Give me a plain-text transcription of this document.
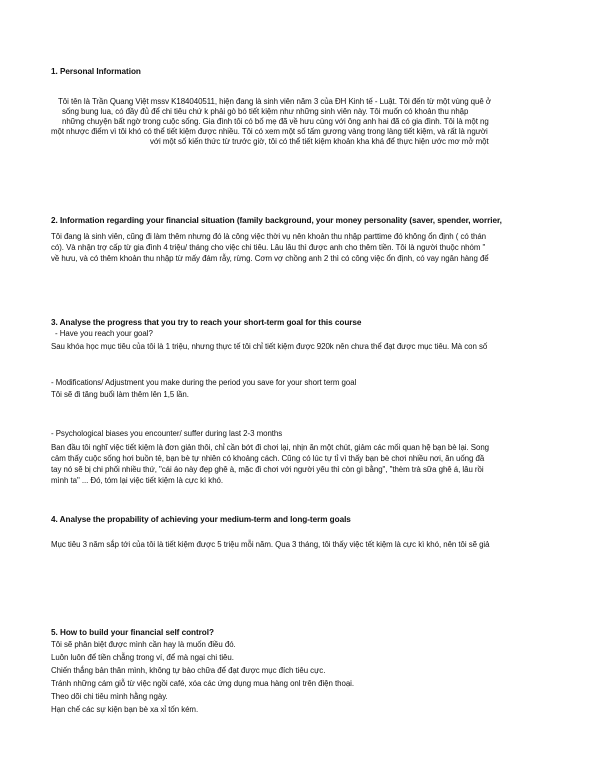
1. Personal Information
Tôi tên là Trần Quang Việt mssv K184040511, hiện đang là sinh viên năm 3 của ĐH Kinh tế - Luật. Tôi đến từ một vùng quê ở
sống bung lua, có đầy đủ để chi tiêu chứ k phải gò bó tiết kiệm như những sinh viên này. Tôi muốn có khoản thu nhập
những chuyện bất ngờ trong cuộc sống. Gia đình tôi có bố mẹ đã về hưu cùng với ông anh hai đã có gia đình. Tôi là một ng
một nhược điểm vì tôi khó có thể tiết kiệm được nhiều. Tôi có xem một số tấm gương vàng trong làng tiết kiệm, và rất là người
với một số kiến thức từ trước giờ, tôi có thể tiết kiệm khoản kha khá để thực hiện ước mơ mở một
2. Information regarding your financial situation (family background, your money personality (saver, spender, worrier,
Tôi đang là sinh viên, cũng đi làm thêm nhưng đó là công việc thời vụ nên khoản thu nhập parttime đó không ổn định ( có thán
có). Và nhận trợ cấp từ gia đình 4 triệu/ tháng cho việc chi tiêu. Lâu lâu thì được anh cho thêm tiền. Tôi là người thuộc nhóm "
về hưu, và có thêm khoản thu nhập từ mấy đám rẫy, rừng. Cơm vợ chồng anh 2 thì có công việc ổn định, có vay ngân hàng để
3. Analyse the progress that you try to reach your short-term goal for this course
- Have you reach your goal?
Sau khóa học mục tiêu của tôi là 1 triệu, nhưng thực tế tôi chỉ tiết kiệm được 920k nên chưa thể đạt được mục tiêu. Mà con số
- Modifications/ Adjustment you make during the period you save for your short term goal
Tôi sẽ đi tăng buổi làm thêm lên 1,5 lần.
- Psychological biases you encounter/ suffer during last 2-3 months
Ban đầu tôi nghĩ việc tiết kiệm là đơn giản thôi, chỉ cần bớt đi chơi lại, nhịn ăn một chút, giảm các mối quan hệ bạn bè lại. Song
cảm thấy cuộc sống hơi buồn tẻ, bạn bè tự nhiên có khoảng cách. Cũng có lúc tự tỉ vì thấy bạn bè chơi nhiều nơi, ăn uống đầ
tay nó sẽ bị chi phối nhiều thứ, "cái áo này đẹp ghê à, mặc đi chơi với người yêu thì còn gì bằng", "thèm trà sữa ghê á, lâu rồi
mình ta" ... Đó, tóm lại việc tiết kiệm là cực kì khó.
4. Analyse the propability of achieving your medium-term and long-term goals
Mục tiêu 3 năm sắp tới của tôi là tiết kiệm được 5 triệu mỗi năm. Qua 3 tháng, tôi thấy việc tết kiệm là cực kì khó, nên tôi sẽ giả
5. How to build your financial self control?
Tôi sẽ phân biệt được mình cần hay là muốn điều đó.
Luôn luôn để tiền chẵng trong ví, để mà ngại chi tiêu.
Chiến thắng bản thân mình, không tự bào chữa để đạt được mục đích tiêu cực.
Tránh những cám giỗ từ việc ngồi café, xóa các ứng dụng mua hàng onl trên điện thoại.
Theo dõi chi tiêu mình hằng ngày.
Hạn chế các sự kiện bạn bè xa xỉ tốn kém.
